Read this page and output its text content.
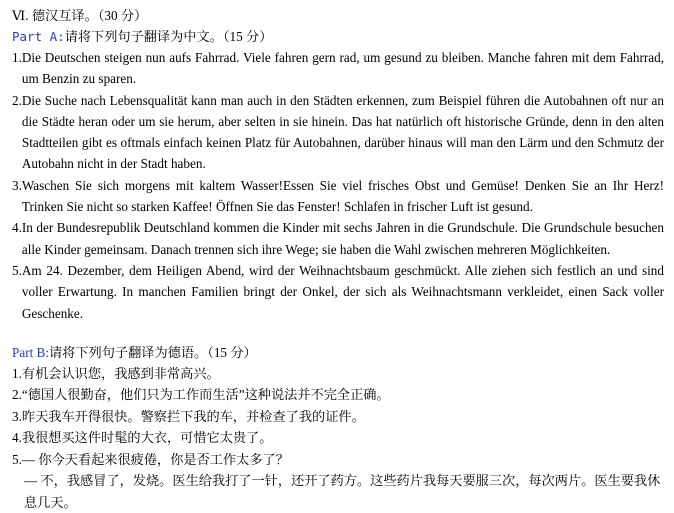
Ⅵ. 德汉互译。（30 分）
Part A:请将下列句子翻译为中文。（15 分）
1. Die Deutschen steigen nun aufs Fahrrad. Viele fahren gern rad, um gesund zu bleiben. Manche fahren mit dem Fahrrad, um Benzin zu sparen.
2. Die Suche nach Lebensqualität kann man auch in den Städten erkennen, zum Beispiel führen die Autobahnen oft nur an die Städte heran oder um sie herum, aber selten in sie hinein. Das hat natürlich oft historische Gründe, denn in den alten Stadtteilen gibt es oftmals einfach keinen Platz für Autobahnen, darüber hinaus will man den Lärm und den Schmutz der Autobahn nicht in der Stadt haben.
3. Waschen Sie sich morgens mit kaltem Wasser!Essen Sie viel frisches Obst und Gemüse! Denken Sie an Ihr Herz! Trinken Sie nicht so starken Kaffee! Öffnen Sie das Fenster! Schlafen in frischer Luft ist gesund.
4. In der Bundesrepublik Deutschland kommen die Kinder mit sechs Jahren in die Grundschule. Die Grundschule besuchen alle Kinder gemeinsam. Danach trennen sich ihre Wege; sie haben die Wahl zwischen mehreren Möglichkeiten.
5. Am 24. Dezember, dem Heiligen Abend, wird der Weihnachtsbaum geschmückt. Alle ziehen sich festlich an und sind voller Erwartung. In manchen Familien bringt der Onkel, der sich als Weihnachtsmann verkleidet, einen Sack voller Geschenke.
Part B:请将下列句子翻译为德语。（15 分）
1.有机会认识您，我感到非常高兴。
2.“德国人很勤奋，他们只为工作而生活”这种说法并不完全正确。
3.昨天我车开得很快。警察拦下我的车，并检查了我的证件。
4.我很想买这件时髦的大衣，可惜它太贵了。
5.— 你今天看起来很疲倦，你是否工作太多了？
— 不，我感冒了，发烧。医生给我打了一针，还开了药方。这些药片我每天要服三次，每次两片。医生要我休息几天。
